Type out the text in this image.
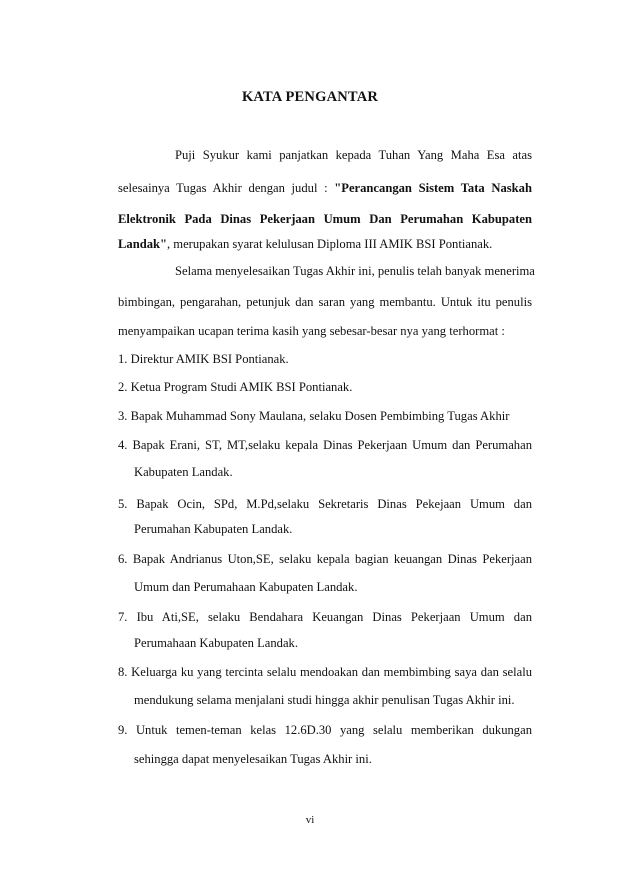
KATA PENGANTAR
Puji Syukur kami panjatkan kepada Tuhan Yang Maha Esa atas
selesainya Tugas Akhir dengan judul : "Perancangan Sistem Tata Naskah
Elektronik Pada Dinas Pekerjaan Umum Dan Perumahan Kabupaten
Landak", merupakan syarat kelulusan Diploma III AMIK BSI Pontianak.
Selama menyelesaikan Tugas Akhir ini, penulis telah banyak menerima
bimbingan, pengarahan, petunjuk dan saran yang membantu. Untuk itu penulis
menyampaikan ucapan terima kasih yang sebesar-besar nya yang terhormat :
1. Direktur AMIK BSI Pontianak.
2. Ketua Program Studi AMIK BSI Pontianak.
3. Bapak Muhammad Sony Maulana, selaku Dosen Pembimbing Tugas Akhir
4. Bapak Erani, ST, MT,selaku kepala Dinas Pekerjaan Umum dan Perumahan
Kabupaten Landak.
5. Bapak Ocin, SPd, M.Pd,selaku Sekretaris Dinas Pekejaan Umum dan
Perumahan Kabupaten Landak.
6. Bapak Andrianus Uton,SE, selaku kepala bagian keuangan Dinas Pekerjaan
Umum dan Perumahaan Kabupaten Landak.
7. Ibu Ati,SE, selaku Bendahara Keuangan Dinas Pekerjaan Umum dan
Perumahaan Kabupaten Landak.
8. Keluarga ku yang tercinta selalu mendoakan dan membimbing saya dan selalu
mendukung selama menjalani studi hingga akhir penulisan Tugas Akhir ini.
9. Untuk temen-teman kelas 12.6D.30 yang selalu memberikan dukungan
sehingga dapat menyelesaikan Tugas Akhir ini.
vi
